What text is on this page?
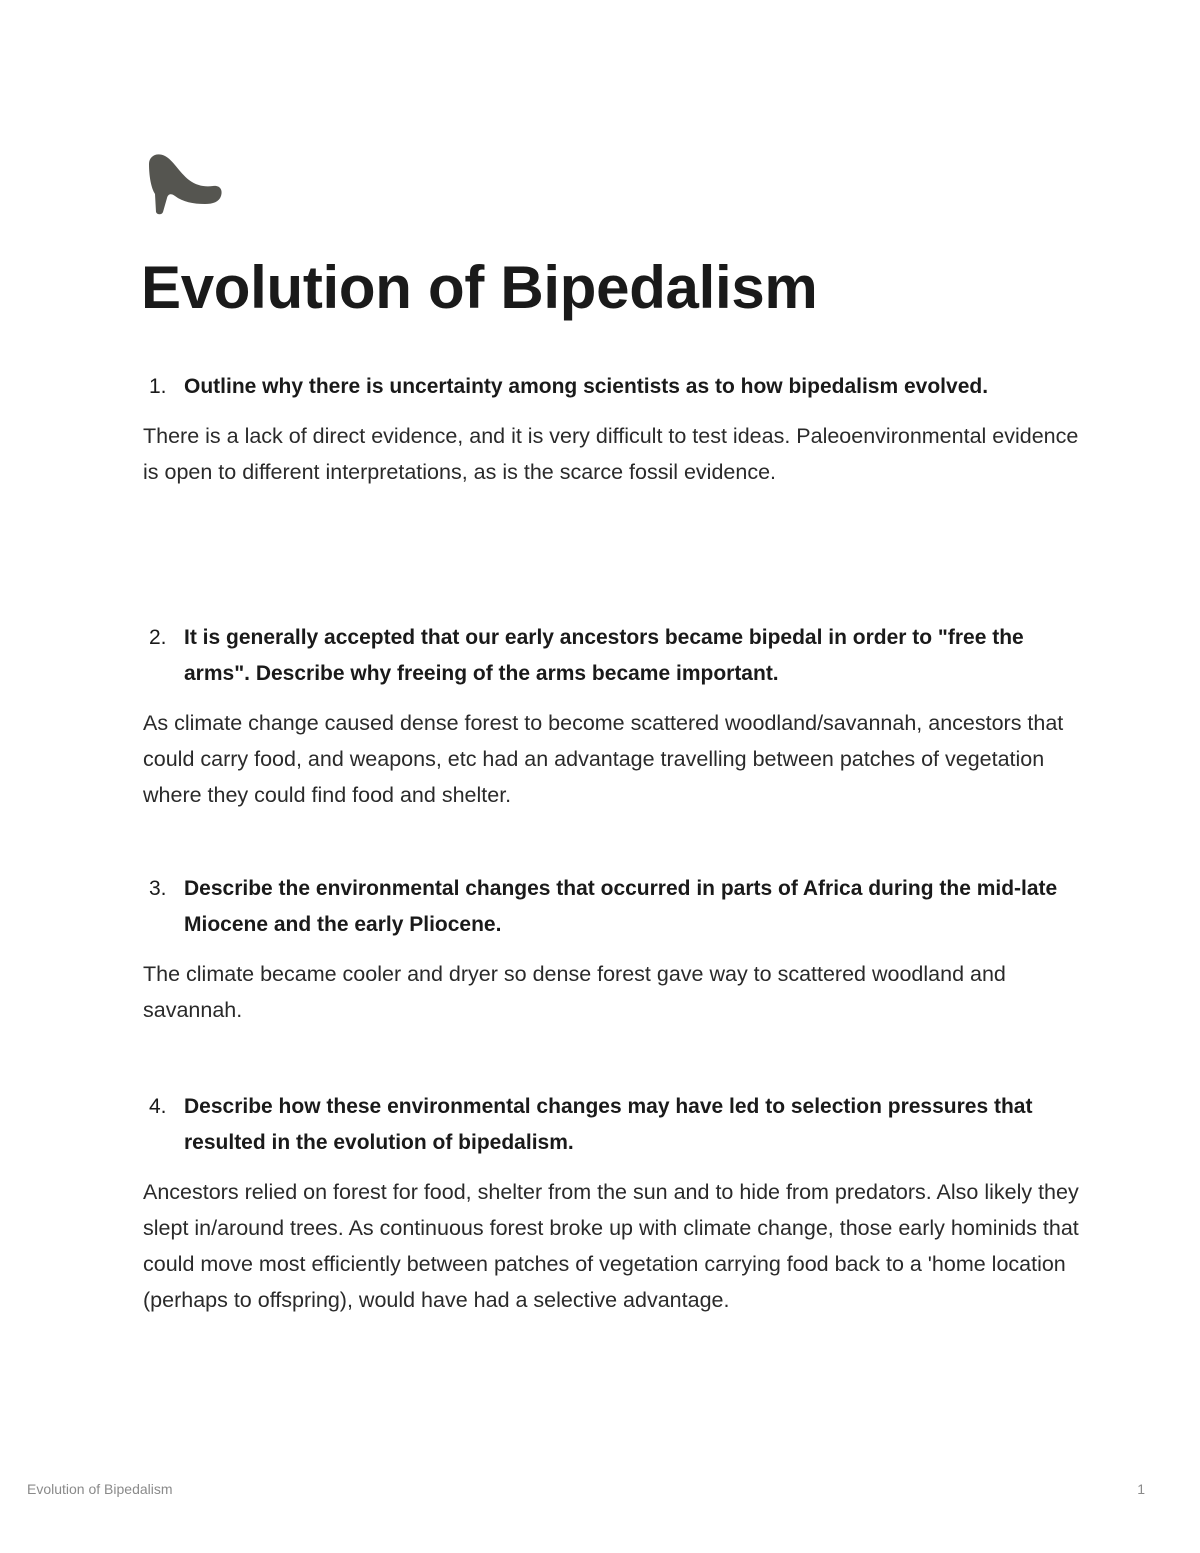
Evolution of Bipedalism
1. Outline why there is uncertainty among scientists as to how bipedalism evolved.
There is a lack of direct evidence, and it is very difficult to test ideas. Paleoenvironmental evidence is open to different interpretations, as is the scarce fossil evidence.
2. It is generally accepted that our early ancestors became bipedal in order to "free the arms". Describe why freeing of the arms became important.
As climate change caused dense forest to become scattered woodland/savannah, ancestors that could carry food, and weapons, etc had an advantage travelling between patches of vegetation where they could find food and shelter.
3. Describe the environmental changes that occurred in parts of Africa during the mid-late Miocene and the early Pliocene.
The climate became cooler and dryer so dense forest gave way to scattered woodland and savannah.
4. Describe how these environmental changes may have led to selection pressures that resulted in the evolution of bipedalism.
Ancestors relied on forest for food, shelter from the sun and to hide from predators. Also likely they slept in/around trees. As continuous forest broke up with climate change, those early hominids that could move most efficiently between patches of vegetation carrying food back to a 'home location (perhaps to offspring), would have had a selective advantage.
Evolution of Bipedalism	1
